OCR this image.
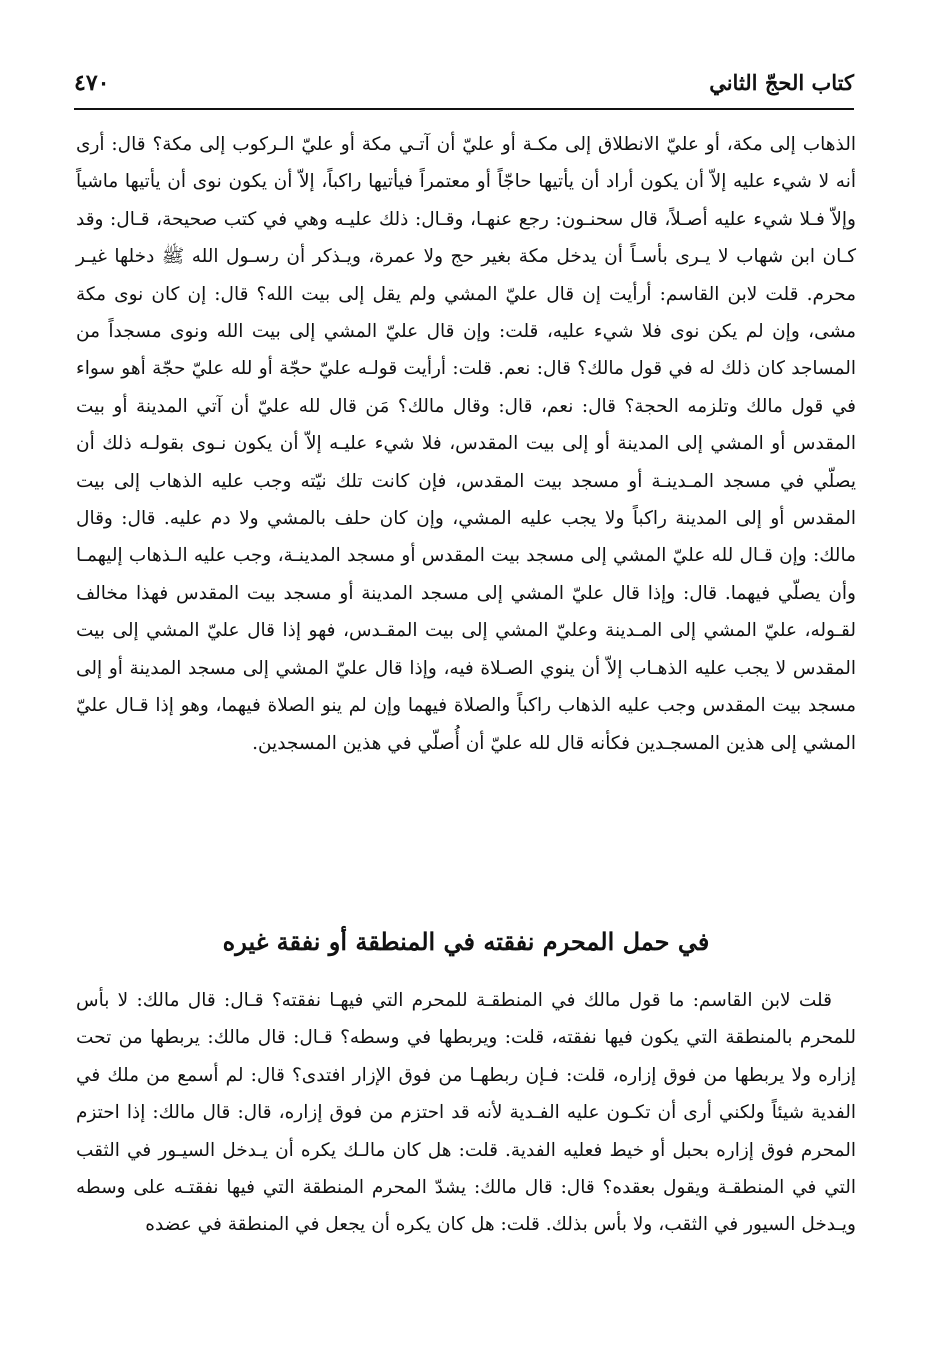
كتاب الحجّ الثاني
٤٧٠

الذهاب إلى مكة، أو عليّ الانطلاق إلى مكـة أو عليّ أن آتـي مكة أو عليّ الـركوب إلى مكة؟ قال: أرى أنه لا شيء عليه إلاّ أن يكون أراد أن يأتيها حاجّاً أو معتمراً فيأتيها راكباً، إلاّ أن يكون نوى أن يأتيها ماشياً وإلاّ فـلا شيء عليه أصـلاً، قال سحنـون: رجع عنهـا، وقـال: ذلك عليـه وهي في كتب صحيحة، قـال: وقد كـان ابن شهاب لا يـرى بأسـاً أن يدخل مكة بغير حج ولا عمرة، ويـذكر أن رسـول الله ﷺ دخلها غيـر محرم. قلت لابن القاسم: أرأيت إن قال عليّ المشي ولم يقل إلى بيت الله؟ قال: إن كان نوى مكة مشى، وإن لم يكن نوى فلا شيء عليه، قلت: وإن قال عليّ المشي إلى بيت الله ونوى مسجداً من المساجد كان ذلك له في قول مالك؟ قال: نعم. قلت: أرأيت قولـه عليّ حجّة أو لله عليّ حجّة أهو سواء في قول مالك وتلزمه الحجة؟ قال: نعم، قال: وقال مالك؟ مَن قال لله عليّ أن آتي المدينة أو بيت المقدس أو المشي إلى المدينة أو إلى بيت المقدس، فلا شيء عليـه إلاّ أن يكون نـوى بقولـه ذلك أن يصلّي في مسجد المـدينـة أو مسجد بيت المقدس، فإن كانت تلك نيّته وجب عليه الذهاب إلى بيت المقدس أو إلى المدينة راكباً ولا يجب عليه المشي، وإن كان حلف بالمشي ولا دم عليه. قال: وقال مالك: وإن قـال لله عليّ المشي إلى مسجد بيت المقدس أو مسجد المدينـة، وجب عليه الـذهاب إليهمـا وأن يصلّي فيهما. قال: وإذا قال عليّ المشي إلى مسجد المدينة أو مسجد بيت المقدس فهذا مخالف لقـوله، عليّ المشي إلى المـدينة وعليّ المشي إلى بيت المقـدس، فهو إذا قال عليّ المشي إلى بيت المقدس لا يجب عليه الذهـاب إلاّ أن ينوي الصـلاة فيه، وإذا قال عليّ المشي إلى مسجد المدينة أو إلى مسجد بيت المقدس وجب عليه الذهاب راكباً والصلاة فيهما وإن لم ينو الصلاة فيهما، وهو إذا قـال عليّ المشي إلى هذين المسجـدين فكأنه قال لله عليّ أن أُصلّي في هذين المسجدين.

في حمل المحرم نفقته في المنطقة أو نفقة غيره

قلت لابن القاسم: ما قول مالك في المنطقـة للمحرم التي فيهـا نفقته؟ قـال: قال مالك: لا بأس للمحرم بالمنطقة التي يكون فيها نفقته، قلت: ويربطها في وسطه؟ قـال: قال مالك: يربطها من تحت إزاره ولا يربطها من فوق إزاره، قلت: فـإن ربطهـا من فوق الإزار افتدى؟ قال: لم أسمع من ملك في الفدية شيئاً ولكني أرى أن تكـون عليه الفـدية لأنه قد احتزم من فوق إزاره، قال: قال مالك: إذا احتزم المحرم فوق إزاره بحبل أو خيط فعليه الفدية. قلت: هل كان مالـك يكره أن يـدخل السيـور في الثقب التي في المنطقـة ويقول بعقده؟ قال: قال مالك: يشدّ المحرم المنطقة التي فيها نفقتـه على وسطه ويـدخل السيور في الثقب، ولا بأس بذلك. قلت: هل كان يكره أن يجعل في المنطقة في عضده
